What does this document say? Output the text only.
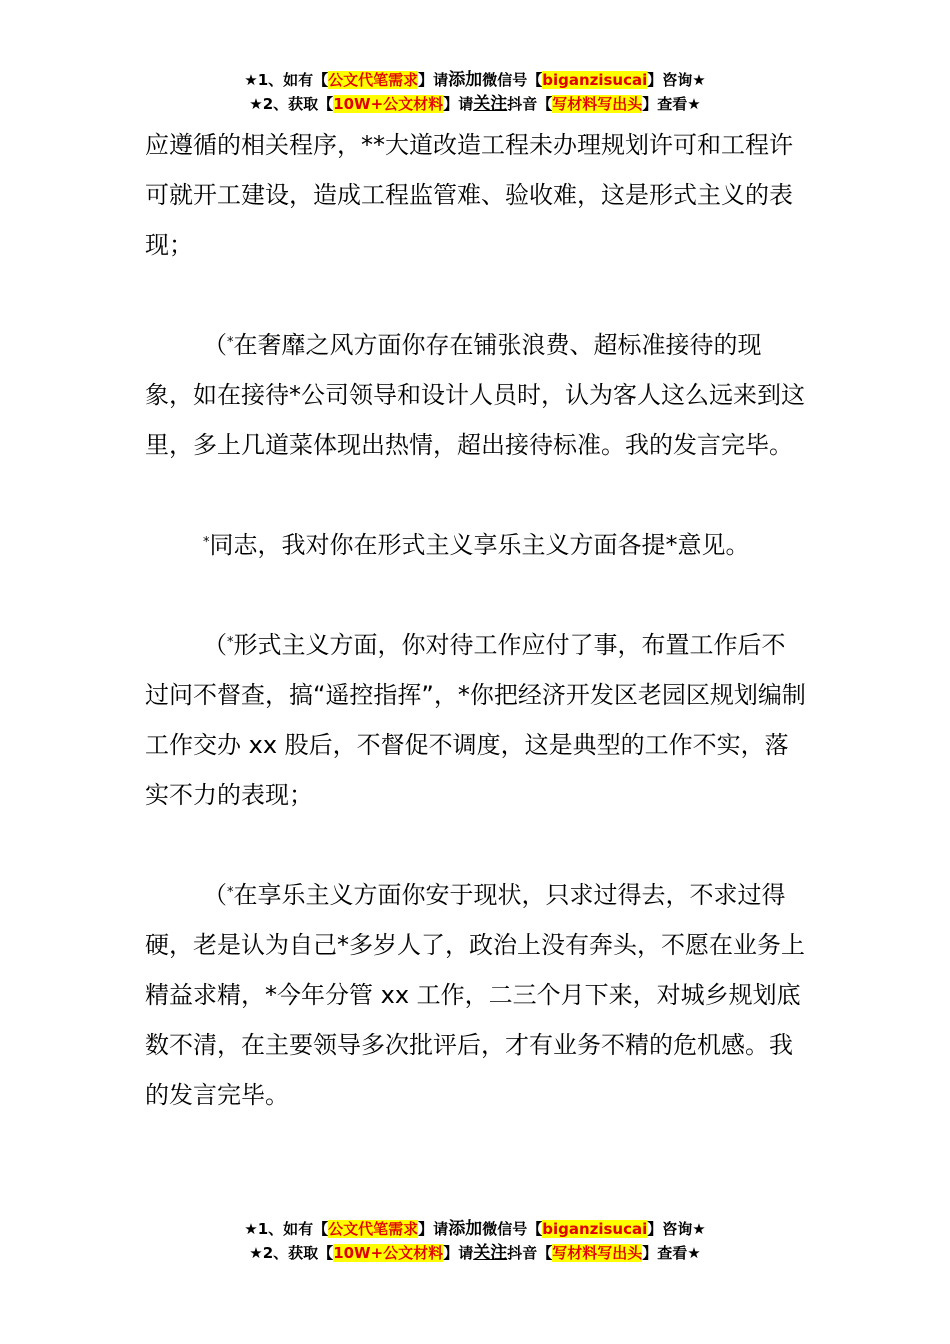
★1、如有【公文代笔需求】请添加微信号【biganzisucai】咨询★
★2、获取【10W+公文材料】请关注抖音【写材料写出头】查看★

应遵循的相关程序，**大道改造工程未办理规划许可和工程许可就开工建设，造成工程监管难、验收难，这是形式主义的表现；

（*在奢靡之风方面你存在铺张浪费、超标准接待的现象，如在接待*公司领导和设计人员时，认为客人这么远来到这里，多上几道菜体现出热情，超出接待标准。我的发言完毕。

*同志，我对你在形式主义享乐主义方面各提*意见。

（*形式主义方面，你对待工作应付了事，布置工作后不过问不督查，搞“遥控指挥”，*你把经济开发区老园区规划编制工作交办 xx 股后，不督促不调度，这是典型的工作不实，落实不力的表现；

（*在享乐主义方面你安于现状，只求过得去，不求过得硬，老是认为自己*多岁人了，政治上没有奔头，不愿在业务上精益求精，*今年分管 xx 工作，二三个月下来，对城乡规划底数不清，在主要领导多次批评后，才有业务不精的危机感。我的发言完毕。

★1、如有【公文代笔需求】请添加微信号【biganzisucai】咨询★
★2、获取【10W+公文材料】请关注抖音【写材料写出头】查看★
